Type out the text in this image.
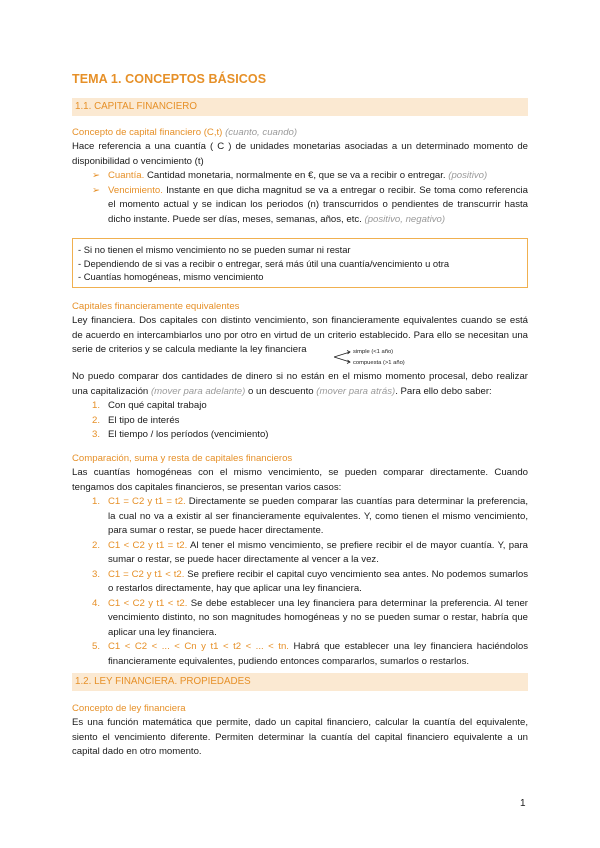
TEMA 1. CONCEPTOS BÁSICOS
1.1. CAPITAL FINANCIERO
Concepto de capital financiero (C,t) (cuanto, cuando)
Hace referencia a una cuantía ( C ) de unidades monetarias asociadas a un determinado momento de disponibilidad o vencimiento (t)
➢ Cuantía. Cantidad monetaria, normalmente en €, que se va a recibir o entregar. (positivo)
➢ Vencimiento. Instante en que dicha magnitud se va a entregar o recibir. Se toma como referencia el momento actual y se indican los periodos (n) transcurridos o pendientes de transcurrir hasta dicho instante. Puede ser días, meses, semanas, años, etc. (positivo, negativo)
- Si no tienen el mismo vencimiento no se pueden sumar ni restar
- Dependiendo de si vas a recibir o entregar, será más útil una cuantía/vencimiento u otra
- Cuantías homogéneas, mismo vencimiento
Capitales financieramente equivalentes
Ley financiera. Dos capitales con distinto vencimiento, son financieramente equivalentes cuando se está de acuerdo en intercambiarlos uno por otro en virtud de un criterio establecido. Para ello se necesitan una serie de criterios y se calcula mediante la ley financiera	simple (<1 año)
compuesta (>1 año)
No puedo comparar dos cantidades de dinero si no están en el mismo momento procesal, debo realizar una capitalización (mover para adelante) o un descuento (mover para atrás). Para ello debo saber:
1. Con qué capital trabajo
2. El tipo de interés
3. El tiempo / los períodos (vencimiento)
Comparación, suma y resta de capitales financieros
Las cuantías homogéneas con el mismo vencimiento, se pueden comparar directamente. Cuando tengamos dos capitales financieros, se presentan varios casos:
1. C1 = C2 y t1 = t2. Directamente se pueden comparar las cuantías para determinar la preferencia, la cual no va a existir al ser financieramente equivalentes. Y, como tienen el mismo vencimiento, para sumar o restar, se puede hacer directamente.
2. C1 < C2 y t1 = t2. Al tener el mismo vencimiento, se prefiere recibir el de mayor cuantía. Y, para sumar o restar, se puede hacer directamente al vencer a la vez.
3. C1 = C2 y t1 < t2. Se prefiere recibir el capital cuyo vencimiento sea antes. No podemos sumarlos o restarlos directamente, hay que aplicar una ley financiera.
4. C1 < C2 y t1 < t2. Se debe establecer una ley financiera para determinar la preferencia. Al tener vencimiento distinto, no son magnitudes homogéneas y no se pueden sumar o restar, habría que aplicar una ley financiera.
5. C1 < C2 < ... < Cn y t1 < t2 < ... < tn. Habrá que establecer una ley financiera haciéndolos financieramente equivalentes, pudiendo entonces compararlos, sumarlos o restarlos.
1.2. LEY FINANCIERA. PROPIEDADES
Concepto de ley financiera
Es una función matemática que permite, dado un capital financiero, calcular la cuantía del equivalente, siento el vencimiento diferente. Permiten determinar la cuantía del capital financiero equivalente a un capital dado en otro momento.
1
